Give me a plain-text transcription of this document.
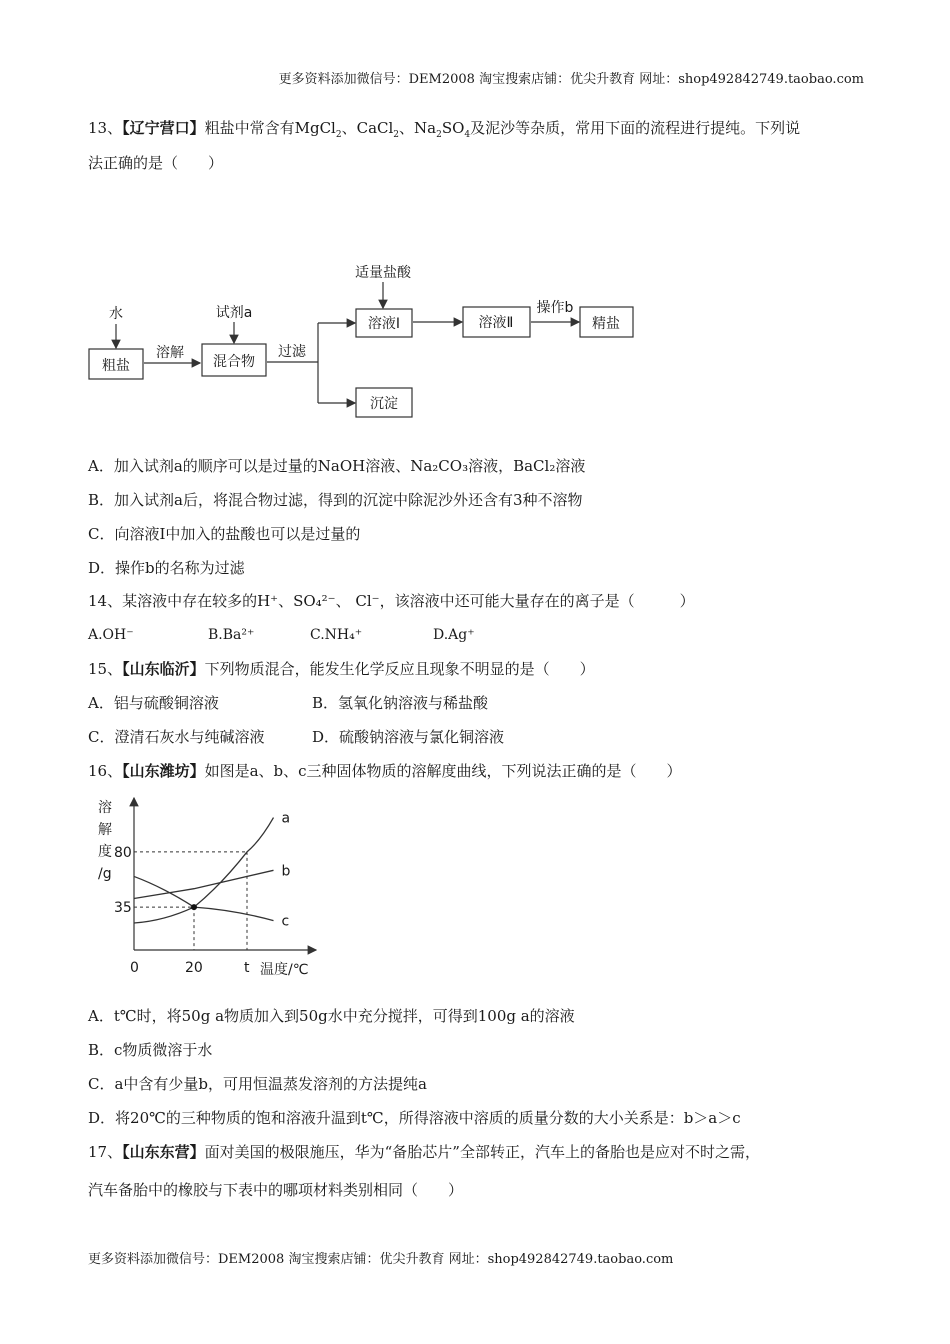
更多资料添加微信号：DEM2008 淘宝搜索店铺：优尖升教育 网址：shop492842749.taobao.com
13、【辽宁营口】粗盐中常含有MgCl$_2$、CaCl$_2$、$Na_2SO_4$及泥沙等杂质，常用下面的流程进行提纯。下列说
法正确的是（　　）
水
粗盐
溶解
试剂a
混合物
过滤
适量盐酸
溶液Ⅰ	溶液Ⅱ
操作b
精盐
沉淀
A．加入试剂a的顺序可以是过量的NaOH溶液、Na₂CO₃溶液，BaCl₂溶液
B．加入试剂a后，将混合物过滤，得到的沉淀中除泥沙外还含有3种不溶物
C．向溶液Ⅰ中加入的盐酸也可以是过量的
D．操作b的名称为过滤
14、某溶液中存在较多的H⁺、SO₄²⁻、 Cl⁻，该溶液中还可能大量存在的离子是（　　　）
A.OH⁻	B.Ba²⁺	C.NH₄⁺	D.Ag⁺
15、【山东临沂】下列物质混合，能发生化学反应且现象不明显的是（　　）
A．铝与硫酸铜溶液	B．氢氧化钠溶液与稀盐酸
C．澄清石灰水与纯碱溶液	D．硫酸钠溶液与氯化铜溶液
16、【山东潍坊】如图是a、b、c三种固体物质的溶解度曲线，下列说法正确的是（　　）
a
b
c
溶
解
度
/g
80
35
0	20	t 温度/℃
A．t℃时，将50g a物质加入到50g水中充分搅拌，可得到100g a的溶液
B．c物质微溶于水
C．a中含有少量b，可用恒温蒸发溶剂的方法提纯a
D．将20℃的三种物质的饱和溶液升温到t℃，所得溶液中溶质的质量分数的大小关系是：b＞a＞c
17、【山东东营】面对美国的极限施压，华为“备胎芯片”全部转正，汽车上的备胎也是应对不时之需，
汽车备胎中的橡胶与下表中的哪项材料类别相同（　　）
更多资料添加微信号：DEM2008 淘宝搜索店铺：优尖升教育 网址：shop492842749.taobao.com
